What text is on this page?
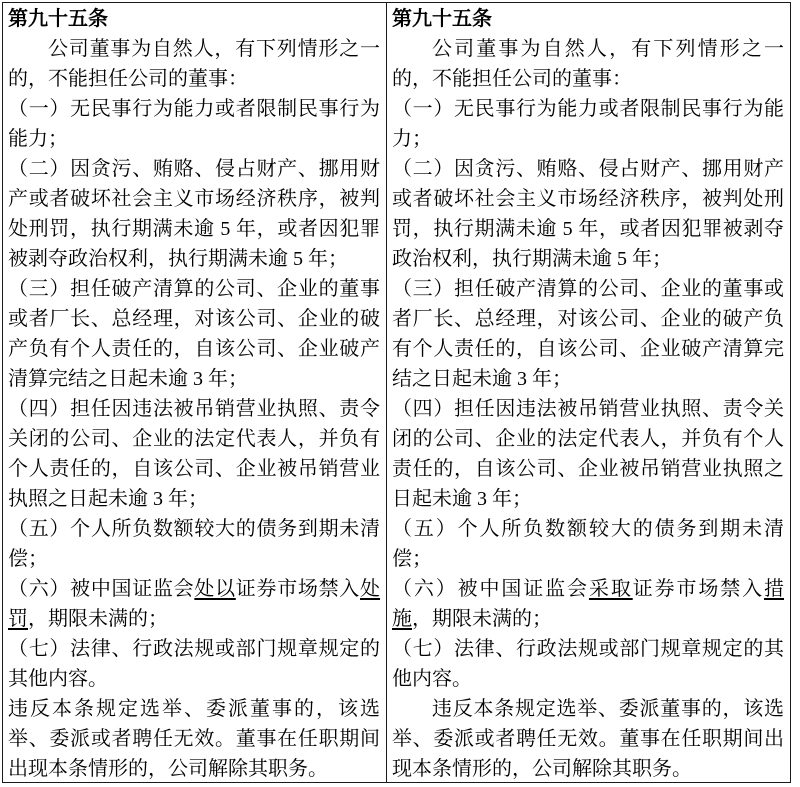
第九十五条

公司董事为自然人，有下列情形之一的，不能担任公司的董事：

（一）无民事行为能力或者限制民事行为能力；

（二）因贪污、贿赂、侵占财产、挪用财产或者破坏社会主义市场经济秩序，被判处刑罚，执行期满未逾 5 年，或者因犯罪被剥夺政治权利，执行期满未逾 5 年；

（三）担任破产清算的公司、企业的董事或者厂长、总经理，对该公司、企业的破产负有个人责任的，自该公司、企业破产清算完结之日起未逾 3 年；

（四）担任因违法被吊销营业执照、责令关闭的公司、企业的法定代表人，并负有个人责任的，自该公司、企业被吊销营业执照之日起未逾 3 年；

（五）个人所负数额较大的债务到期未清偿；

（六）被中国证监会处以证券市场禁入处罚，期限未满的；

（七）法律、行政法规或部门规章规定的其他内容。

违反本条规定选举、委派董事的，该选举、委派或者聘任无效。董事在任职期间出现本条情形的，公司解除其职务。

第九十五条

公司董事为自然人，有下列情形之一的，不能担任公司的董事：

（一）无民事行为能力或者限制民事行为能力；

（二）因贪污、贿赂、侵占财产、挪用财产或者破坏社会主义市场经济秩序，被判处刑罚，执行期满未逾 5 年，或者因犯罪被剥夺政治权利，执行期满未逾 5 年；

（三）担任破产清算的公司、企业的董事或者厂长、总经理，对该公司、企业的破产负有个人责任的，自该公司、企业破产清算完结之日起未逾 3 年；

（四）担任因违法被吊销营业执照、责令关闭的公司、企业的法定代表人，并负有个人责任的，自该公司、企业被吊销营业执照之日起未逾 3 年；

（五）个人所负数额较大的债务到期未清偿；

（六）被中国证监会采取证券市场禁入措施，期限未满的；

（七）法律、行政法规或部门规章规定的其他内容。

违反本条规定选举、委派董事的，该选举、委派或者聘任无效。董事在任职期间出现本条情形的，公司解除其职务。
